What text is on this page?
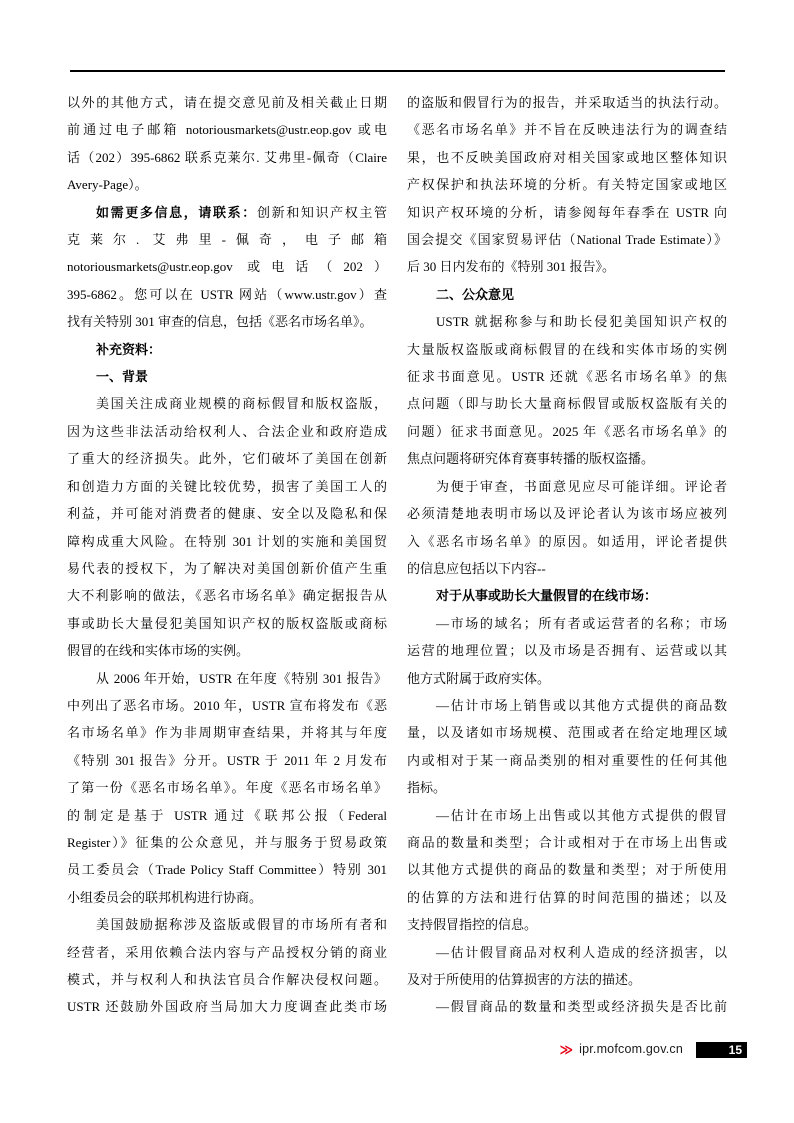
以外的其他方式，请在提交意见前及相关截止日期
前通过电子邮箱 notoriousmarkets@ustr.eop.gov 或电
话（202）395-6862 联系克莱尔. 艾弗里-佩奇（Claire
Avery-Page）。
如需更多信息，请联系：创新和知识产权主管
克莱尔. 艾弗里-佩奇，电子邮箱
notoriousmarkets@ustr.eop.gov 或电话（202）
395-6862。您可以在 USTR 网站（www.ustr.gov）查
找有关特别 301 审查的信息，包括《恶名市场名单》。
补充资料：
一、背景
美国关注成商业规模的商标假冒和版权盗版，
因为这些非法活动给权利人、合法企业和政府造成
了重大的经济损失。此外，它们破坏了美国在创新
和创造力方面的关键比较优势，损害了美国工人的
利益，并可能对消费者的健康、安全以及隐私和保
障构成重大风险。在特别 301 计划的实施和美国贸
易代表的授权下，为了解决对美国创新价值产生重
大不利影响的做法，《恶名市场名单》确定据报告从
事或助长大量侵犯美国知识产权的版权盗版或商标
假冒的在线和实体市场的实例。
从 2006 年开始，USTR 在年度《特别 301 报告》
中列出了恶名市场。2010 年，USTR 宣布将发布《恶
名市场名单》作为非周期审查结果，并将其与年度
《特别 301 报告》分开。USTR 于 2011 年 2 月发布
了第一份《恶名市场名单》。年度《恶名市场名单》
的制定是基于 USTR 通过《联邦公报（Federal
Register）》征集的公众意见，并与服务于贸易政策
员工委员会（Trade Policy Staff Committee）特别 301
小组委员会的联邦机构进行协商。
美国鼓励据称涉及盗版或假冒的市场所有者和
经营者，采用依赖合法内容与产品授权分销的商业
模式，并与权利人和执法官员合作解决侵权问题。
USTR 还鼓励外国政府当局加大力度调查此类市场
的盗版和假冒行为的报告，并采取适当的执法行动。
《恶名市场名单》并不旨在反映违法行为的调查结
果，也不反映美国政府对相关国家或地区整体知识
产权保护和执法环境的分析。有关特定国家或地区
知识产权环境的分析，请参阅每年春季在 USTR 向
国会提交《国家贸易评估（National Trade Estimate）》
后 30 日内发布的《特别 301 报告》。
二、公众意见
USTR 就据称参与和助长侵犯美国知识产权的
大量版权盗版或商标假冒的在线和实体市场的实例
征求书面意见。USTR 还就《恶名市场名单》的焦
点问题（即与助长大量商标假冒或版权盗版有关的
问题）征求书面意见。2025 年《恶名市场名单》的
焦点问题将研究体育赛事转播的版权盗播。
为便于审查，书面意见应尽可能详细。评论者
必须清楚地表明市场以及评论者认为该市场应被列
入《恶名市场名单》的原因。如适用，评论者提供
的信息应包括以下内容--
对于从事或助长大量假冒的在线市场：
—市场的域名；所有者或运营者的名称；市场
运营的地理位置；以及市场是否拥有、运营或以其
他方式附属于政府实体。
—估计市场上销售或以其他方式提供的商品数
量，以及诸如市场规模、范围或者在给定地理区域
内或相对于某一商品类别的相对重要性的任何其他
指标。
—估计在市场上出售或以其他方式提供的假冒
商品的数量和类型；合计或相对于在市场上出售或
以其他方式提供的商品的数量和类型；对于所使用
的估算的方法和进行估算的时间范围的描述；以及
支持假冒指控的信息。
—估计假冒商品对权利人造成的经济损害，以
及对于所使用的估算损害的方法的描述。
—假冒商品的数量和类型或经济损失是否比前
≫ ipr.mofcom.gov.cn	15
